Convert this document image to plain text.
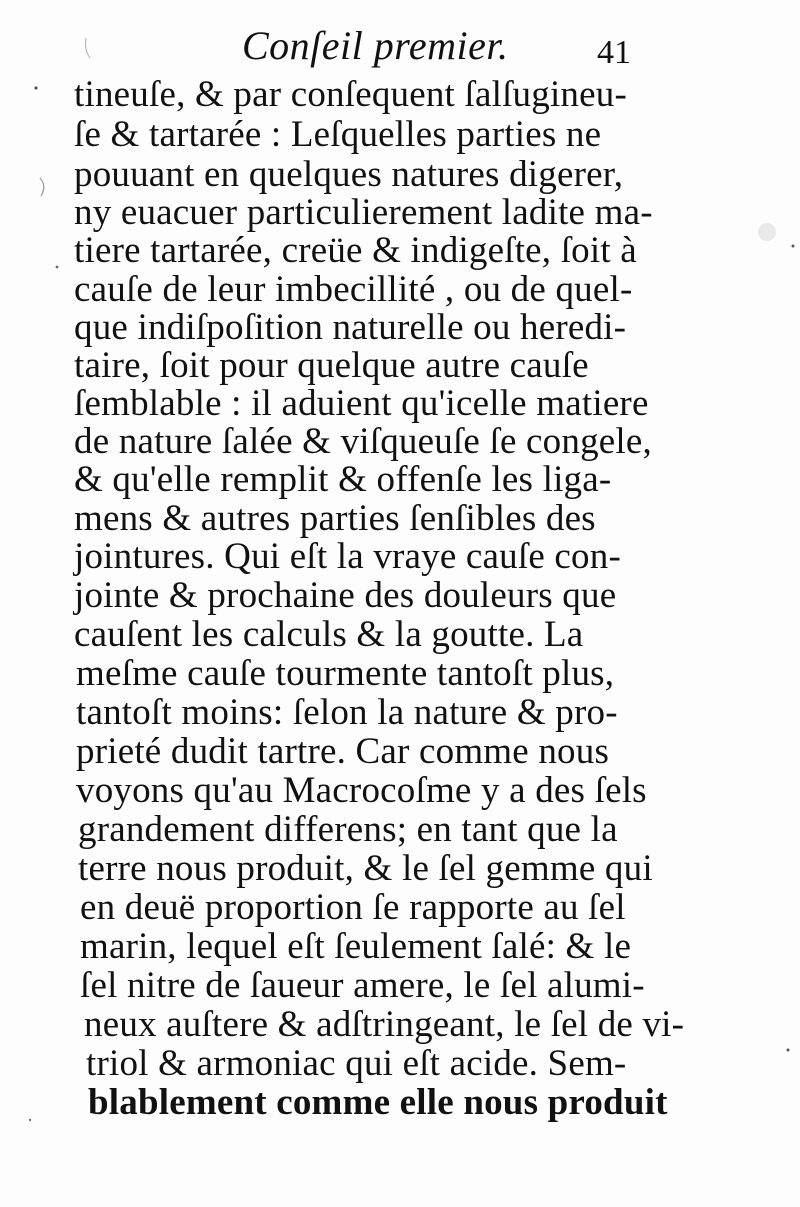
Conſeil premier.	41
tineuſe, & par conſequent ſalſugineu-
ſe & tartarée : Leſquelles parties ne
pouuant en quelques natures digerer,
ny euacuer particulierement ladite ma-
tiere tartarée, creüe & indigeſte, ſoit à
cauſe de leur imbecillité , ou de quel-
que indiſpoſition naturelle ou heredi-
taire, ſoit pour quelque autre cauſe
ſemblable : il aduient qu'icelle matiere
de nature ſalée & viſqueuſe ſe congele,
& qu'elle remplit & offenſe les liga-
mens & autres parties ſenſibles des
jointures. Qui eſt la vraye cauſe con-
jointe & prochaine des douleurs que
cauſent les calculs & la goutte. La
meſme cauſe tourmente tantoſt plus,
tantoſt moins: ſelon la nature & pro-
prieté dudit tartre. Car comme nous
voyons qu'au Macrocoſme y a des ſels
grandement differens; en tant que la
terre nous produit, & le ſel gemme qui
en deuë proportion ſe rapporte au ſel
marin, lequel eſt ſeulement ſalé: & le
ſel nitre de ſaueur amere, le ſel alumi-
neux auſtere & adſtringeant, le ſel de vi-
triol & armoniac qui eſt acide. Sem-
blablement comme elle nous produit
